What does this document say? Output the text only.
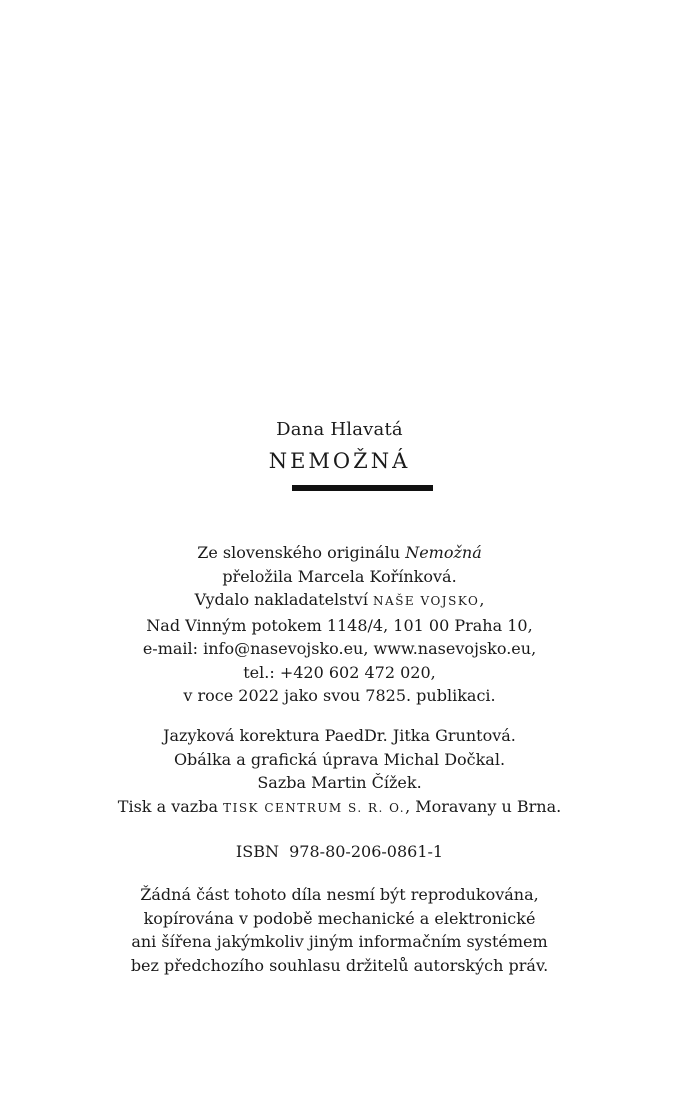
Dana Hlavatá
NEMOŽNÁ
Ze slovenského originálu Nemožná
přeložila Marcela Kořínková.
Vydalo nakladatelství NAŠE VOJSKO,
Nad Vinným potokem 1148/4, 101 00 Praha 10,
e-mail: info@nasevojsko.eu, www.nasevojsko.eu,
tel.: +420 602 472 020,
v roce 2022 jako svou 7825. publikaci.
Jazyková korektura PaedDr. Jitka Gruntová.
Obálka a grafická úprava Michal Dočkal.
Sazba Martin Čížek.
Tisk a vazba TISK CENTRUM S. R. O., Moravany u Brna.
ISBN  978-80-206-0861-1
Žádná část tohoto díla nesmí být reprodukována,
kopírována v podobě mechanické a elektronické
ani šířena jakýmkoliv jiným informačním systémem
bez předchozího souhlasu držitelů autorských práv.
